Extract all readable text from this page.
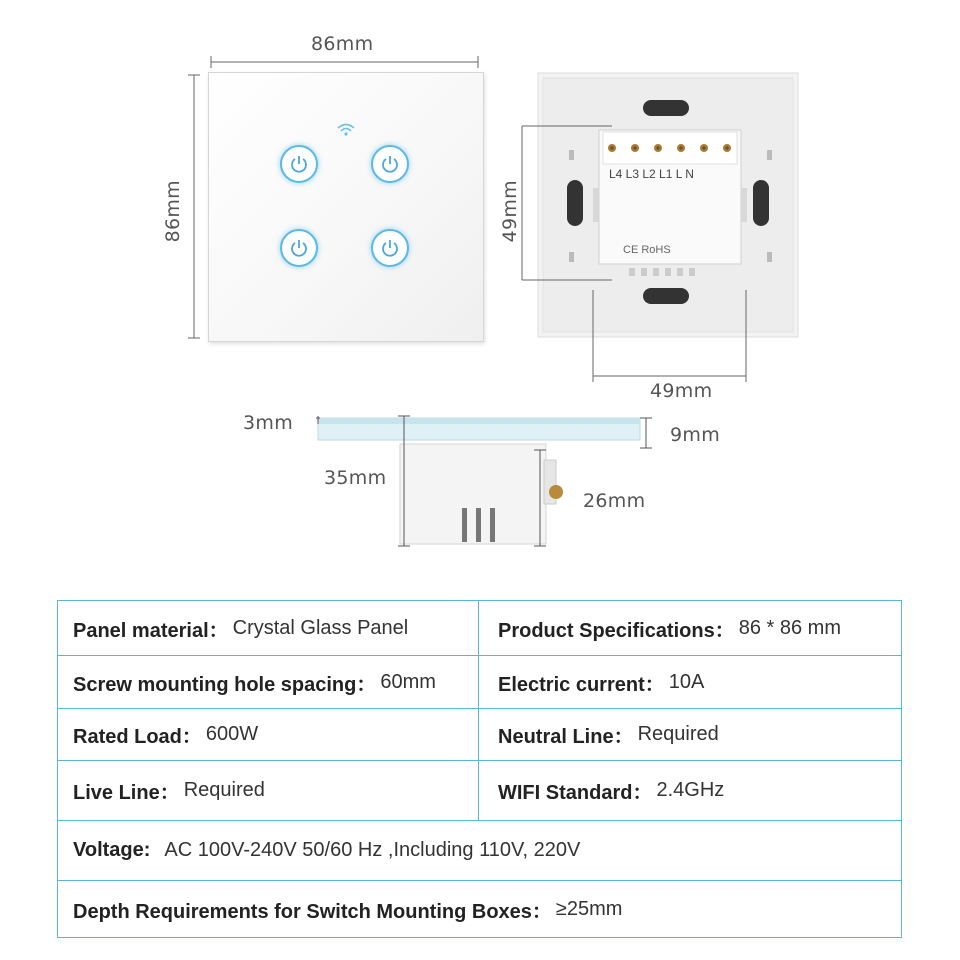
86mm
86mm
L4 L3 L2 L1 L N
CE RoHS
49mm
49mm
3mm
9mm
35mm
26mm
Panel material： Crystal Glass Panel	Product Specifications： 86 * 86 mm
Screw mounting hole spacing： 60mm	Electric current： 10A
Rated Load： 600W	Neutral Line： Required
Live Line： Required	WIFI Standard： 2.4GHz
Voltage: AC 100V-240V 50/60 Hz ,Including 110V, 220V
Depth Requirements for Switch Mounting Boxes： ≥25mm
